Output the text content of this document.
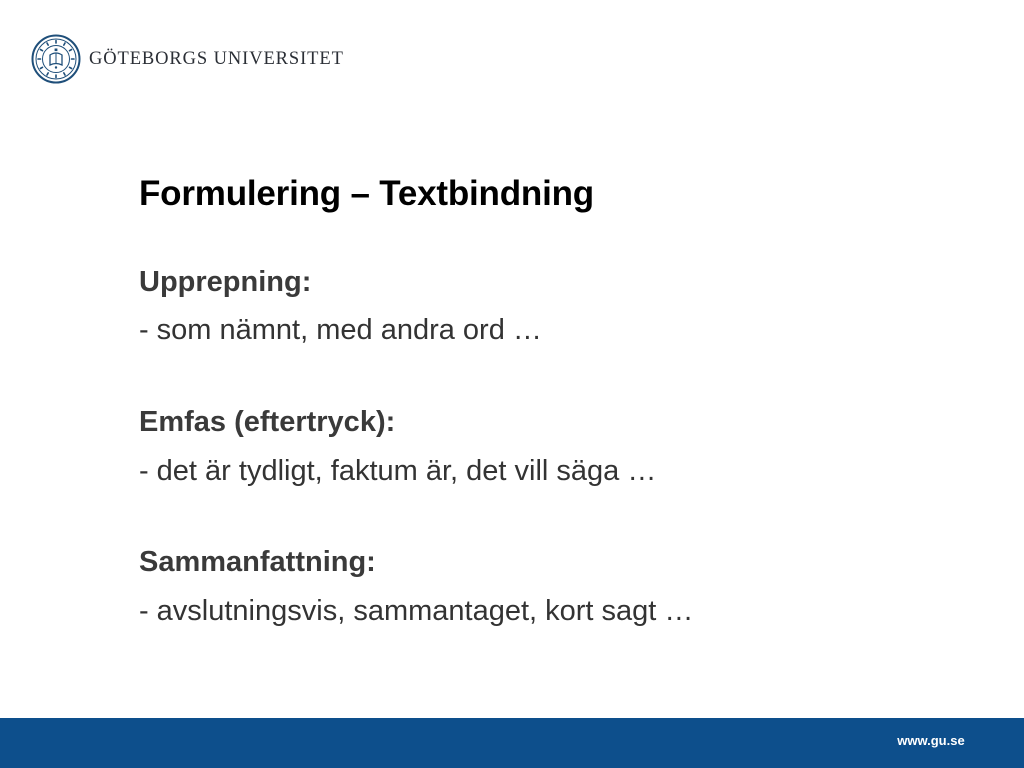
GÖTEBORGS UNIVERSITET
Formulering – Textbindning
Upprepning:
- som nämnt, med andra ord …
Emfas (eftertryck):
- det är tydligt, faktum är, det vill säga …
Sammanfattning:
- avslutningsvis, sammantaget, kort sagt …
www.gu.se
